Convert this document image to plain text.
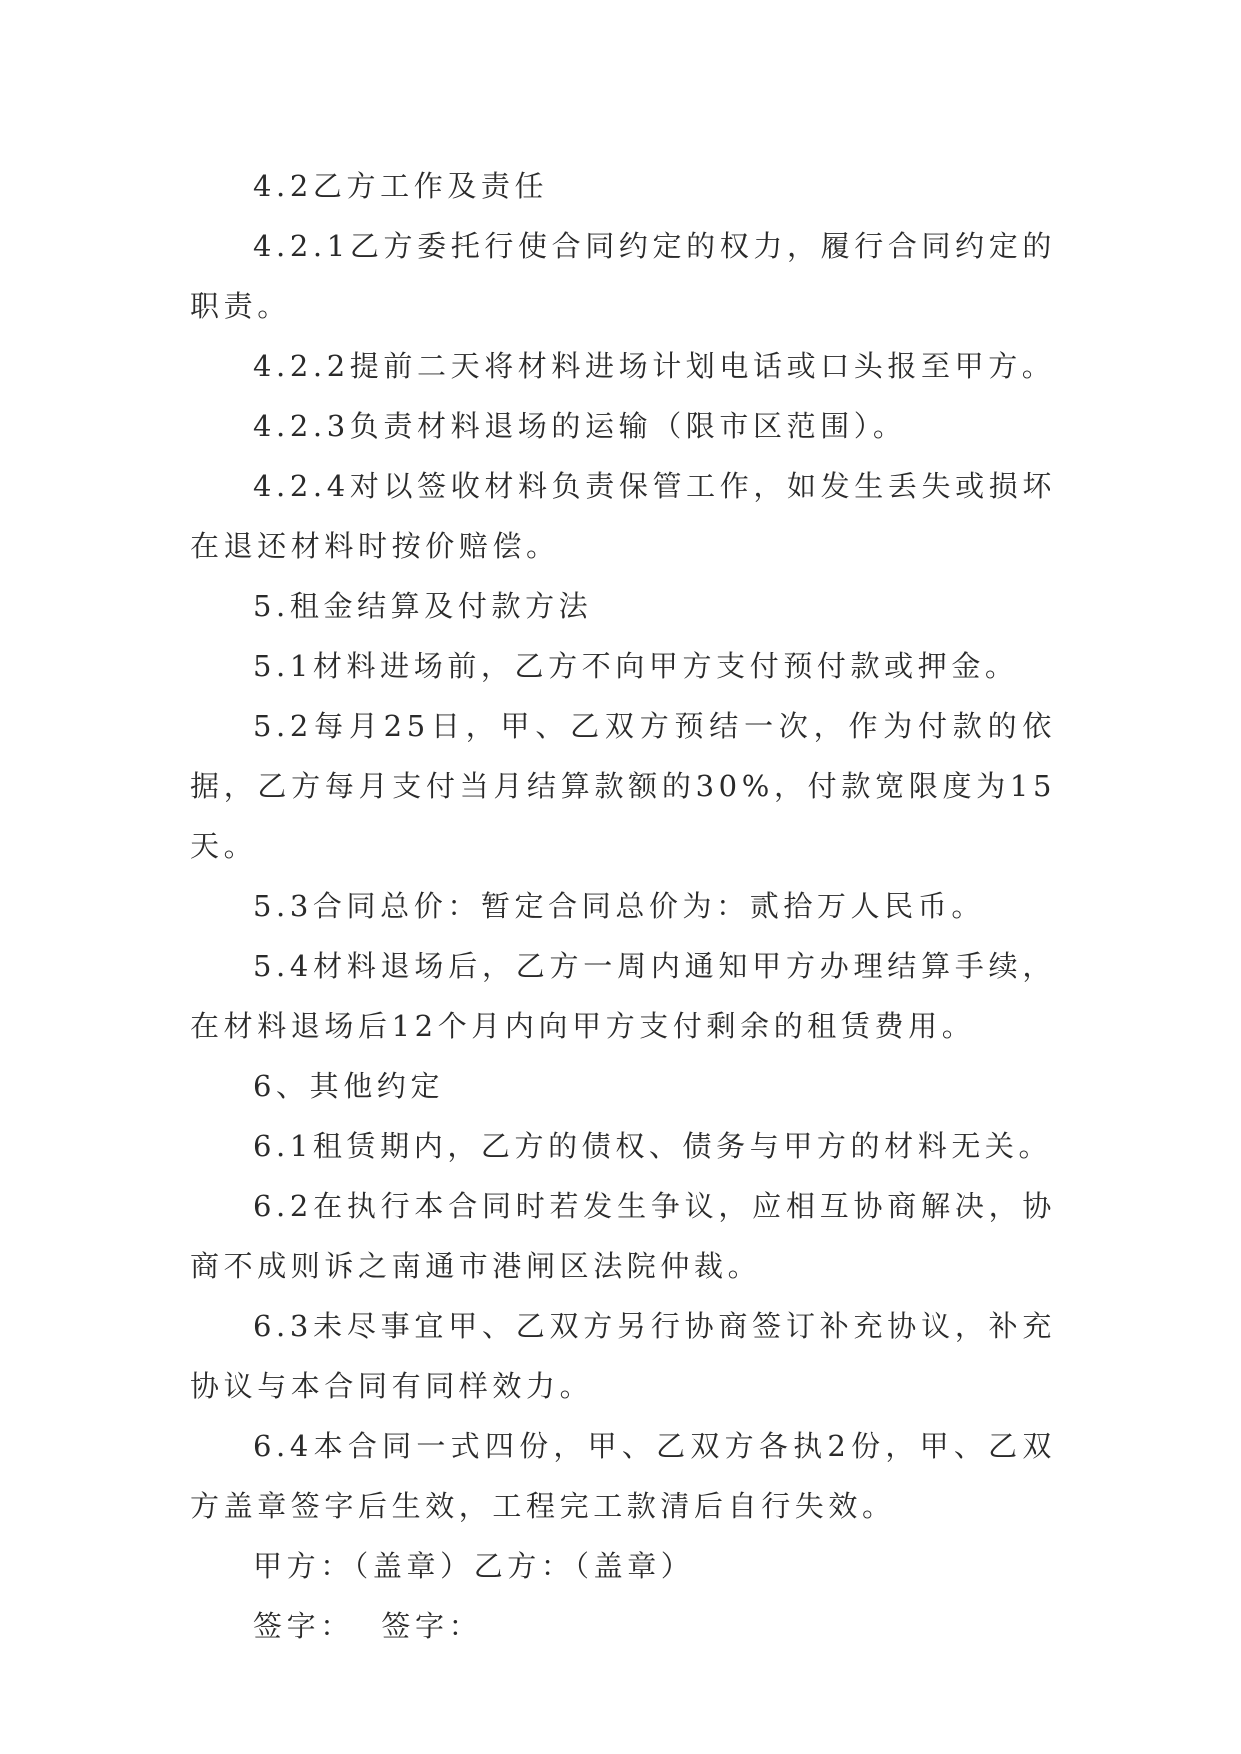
4.2乙方工作及责任

4.2.1乙方委托行使合同约定的权力，履行合同约定的职责。

4.2.2提前二天将材料进场计划电话或口头报至甲方。

4.2.3负责材料退场的运输（限市区范围）。

4.2.4对以签收材料负责保管工作，如发生丢失或损坏在退还材料时按价赔偿。

5.租金结算及付款方法

5.1材料进场前，乙方不向甲方支付预付款或押金。

5.2每月25日，甲、乙双方预结一次，作为付款的依据，乙方每月支付当月结算款额的30%，付款宽限度为15天。

5.3合同总价：暂定合同总价为：贰拾万人民币。

5.4材料退场后，乙方一周内通知甲方办理结算手续，在材料退场后12个月内向甲方支付剩余的租赁费用。

6、其他约定

6.1租赁期内，乙方的债权、债务与甲方的材料无关。

6.2在执行本合同时若发生争议，应相互协商解决，协商不成则诉之南通市港闸区法院仲裁。

6.3未尽事宜甲、乙双方另行协商签订补充协议，补充协议与本合同有同样效力。

6.4本合同一式四份，甲、乙双方各执2份，甲、乙双方盖章签字后生效，工程完工款清后自行失效。

甲方：（盖章）乙方：（盖章）

签字：  签字：
